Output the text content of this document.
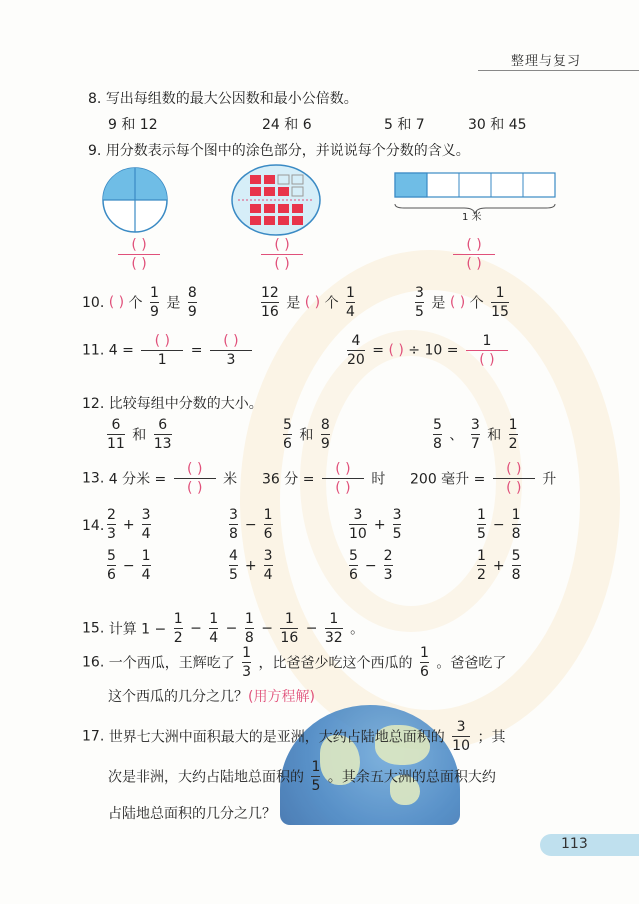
整理与复习
8. 写出每组数的最大公因数和最小公倍数。
9 和 12	24 和 6	5 和 7	30 和 45
9. 用分数表示每个图中的涂色部分，并说说每个分数的含义。
1 米
( )
( )
( )
( )
( )
( )
10. ( ) 个 $\frac{1}{9}$ 是 $\frac{8}{9}$	$\frac{12}{16}$ 是 ( ) 个 $\frac{1}{4}$	$\frac{3}{5}$ 是 ( ) 个 $\frac{1}{15}$
11. 4 =
( )
1
=
( )
3	$\frac{4}{20}$ = ( ) ÷ 10 =
1
( )
12. 比较每组中分数的大小。
$\frac{6}{11}$ 和 $\frac{6}{13}$	$\frac{5}{6}$ 和 $\frac{8}{9}$	$\frac{5}{8}$ 、 $\frac{3}{7}$ 和 $\frac{1}{2}$
13. 4 分米 =
( )
( )
米 36 分 =
( )
( )
时 200 毫升 =
( )
( )
升
14. $\frac{2}{3} + \frac{3}{4}$	$\frac{3}{8} - \frac{1}{6}$	$\frac{3}{10} + \frac{3}{5}$	$\frac{1}{5} - \frac{1}{8}$
$\frac{5}{6} - \frac{1}{4}$	$\frac{4}{5} + \frac{3}{4}$	$\frac{5}{6} - \frac{2}{3}$	$\frac{1}{2} + \frac{5}{8}$
15. 计算 $1 - \frac{1}{2} - \frac{1}{4} - \frac{1}{8} - \frac{1}{16} - \frac{1}{32}$ 。
16. 一个西瓜，王辉吃了 $\frac{1}{3}$ ，比爸爸少吃这个西瓜的 $\frac{1}{6}$ 。爸爸吃了
这个西瓜的几分之几？(用方程解)
17. 世界七大洲中面积最大的是亚洲，大约占陆地总面积的 $\frac{3}{10}$ ；其
次是非洲，大约占陆地总面积的 $\frac{1}{5}$ 。其余五大洲的总面积大约
占陆地总面积的几分之几？
113
